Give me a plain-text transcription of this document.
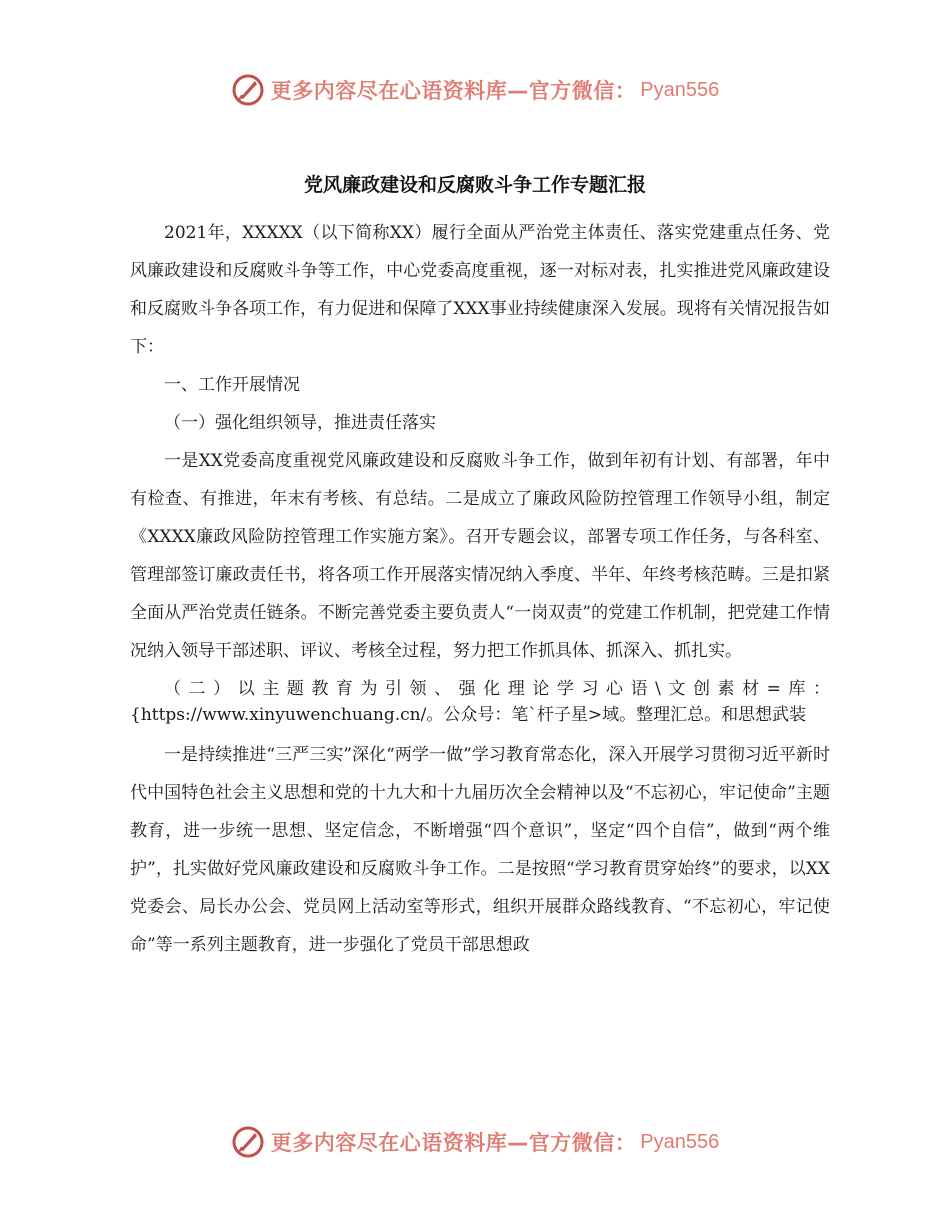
更多内容尽在心语资料库—官方微信： Pyan556
党风廉政建设和反腐败斗争工作专题汇报

2021年，XXXXX（以下简称XX）履行全面从严治党主体责任、落实党建重点任务、党风廉政建设和反腐败斗争等工作，中心党委高度重视，逐一对标对表，扎实推进党风廉政建设和反腐败斗争各项工作，有力促进和保障了XXX事业持续健康深入发展。现将有关情况报告如下：

一、工作开展情况

（一）强化组织领导，推进责任落实

一是XX党委高度重视党风廉政建设和反腐败斗争工作，做到年初有计划、有部署，年中有检查、有推进，年末有考核、有总结。二是成立了廉政风险防控管理工作领导小组，制定《XXXX廉政风险防控管理工作实施方案》。召开专题会议，部署专项工作任务，与各科室、管理部签订廉政责任书，将各项工作开展落实情况纳入季度、半年、年终考核范畴。三是扣紧全面从严治党责任链条。不断完善党委主要负责人“一岗双责”的党建工作机制，把党建工作情况纳入领导干部述职、评议、考核全过程，努力把工作抓具体、抓深入、抓扎实。

（二）以主题教育为引领、强化理论学习心语\文创素材=库：{https://www.xinyuwenchuang.cn/。公众号：笔`杆子星>域。整理汇总。和思想武装

一是持续推进“三严三实”深化“两学一做”学习教育常态化，深入开展学习贯彻习近平新时代中国特色社会主义思想和党的十九大和十九届历次全会精神以及“不忘初心，牢记使命”主题教育，进一步统一思想、坚定信念，不断增强“四个意识”，坚定“四个自信”，做到“两个维护”，扎实做好党风廉政建设和反腐败斗争工作。二是按照“学习教育贯穿始终”的要求，以XX党委会、局长办公会、党员网上活动室等形式，组织开展群众路线教育、“不忘初心，牢记使命”等一系列主题教育，进一步强化了党员干部思想政

更多内容尽在心语资料库—官方微信： Pyan556
